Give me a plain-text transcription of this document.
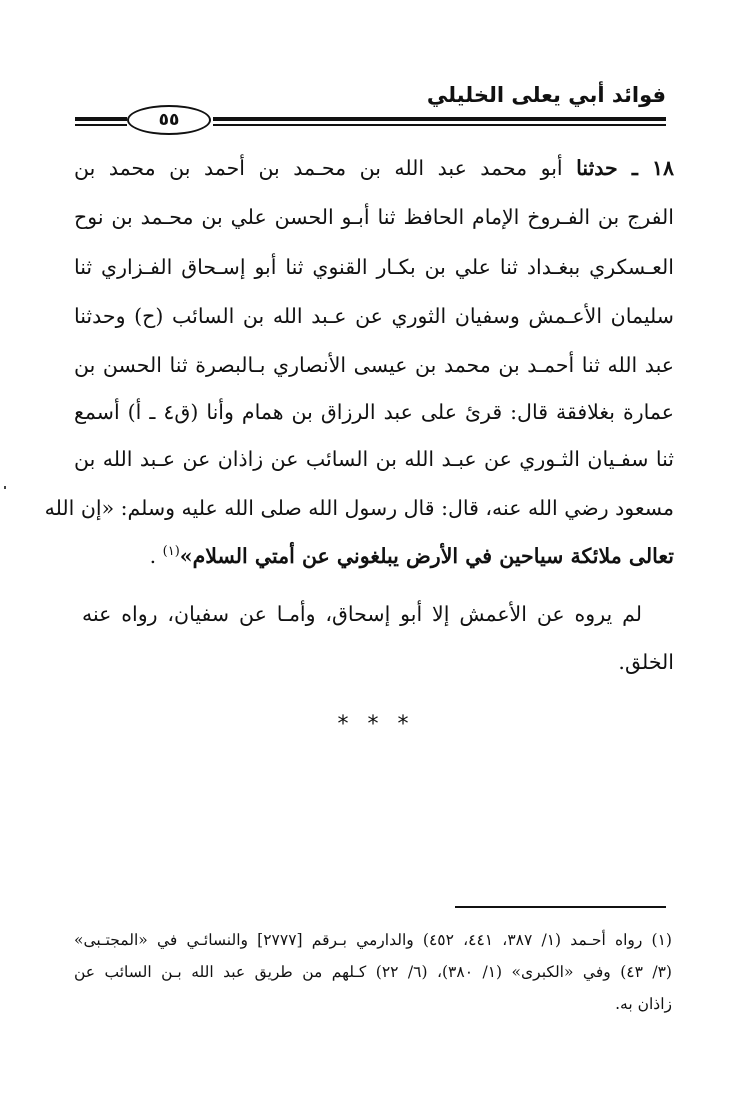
فوائد أبي يعلى الخليلي
٥٥
١٨ ـ حدثنا أبو محمد عبد الله بن محـمد بن أحمد بن محمد بن
الفرج بن الفـروخ الإمام الحافظ ثنا أبـو الحسن علي بن محـمد بن نوح
العـسكري ببغـداد ثنا علي بن بكـار القنوي ثنا أبو إسـحاق الفـزاري ثنا
سليمان الأعـمش وسفيان الثوري عن عـبد الله بن السائب (ح) وحدثنا
عبد الله ثنا أحمـد بن محمد بن عيسى الأنصاري بـالبصرة ثنا الحسن بن
عمارة بغلافقة قال: قرئ على عبد الرزاق بن همام وأنا (ق٤ ـ أ) أسمع
ثنا سفـيان الثـوري عن عبـد الله بن السائب عن زاذان عن عـبد الله بن
مسعود رضي الله عنه، قال: قال رسول الله صلى الله عليه وسلم: «إن الله
تعالى ملائكة سياحين في الأرض يبلغوني عن أمتي السلام»$^{(١)}$ .
لم يروه عن الأعمش إلا أبو إسحاق، وأمـا عن سفيان، رواه عنه
الخلق.
* * *
(١) رواه أحـمد (١/ ٣٨٧، ٤٤١، ٤٥٢) والدارمي بـرقم [٢٧٧٧] والنسائـي في «المجتـبى»
(٣/ ٤٣) وفي «الكبرى» (١/ ٣٨٠)، (٦/ ٢٢) كـلهم من طريق عبد الله بـن السائب عن
زاذان به.
